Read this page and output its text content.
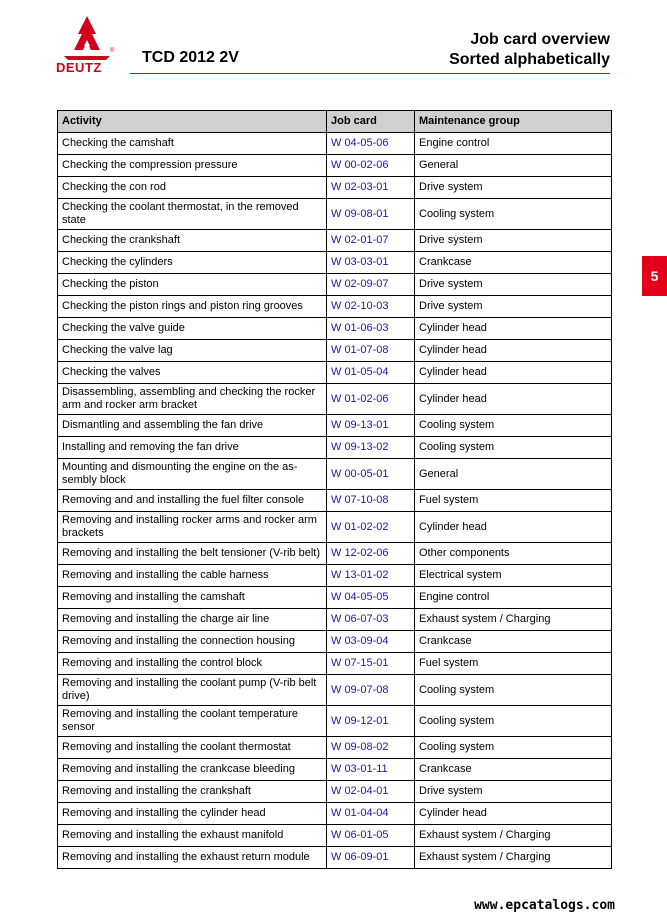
DEUTZ
® TCD 2012 2V
Job card overview
Sorted alphabetically
5
Activity	Job card	Maintenance group
Checking the camshaft	W 04-05-06	Engine control
Checking the compression pressure	W 00-02-06	General
Checking the con rod	W 02-03-01	Drive system
Checking the coolant thermostat, in the removed state	W 09-08-01	Cooling system
Checking the crankshaft	W 02-01-07	Drive system
Checking the cylinders	W 03-03-01	Crankcase
Checking the piston	W 02-09-07	Drive system
Checking the piston rings and piston ring grooves	W 02-10-03	Drive system
Checking the valve guide	W 01-06-03	Cylinder head
Checking the valve lag	W 01-07-08	Cylinder head
Checking the valves	W 01-05-04	Cylinder head
Disassembling, assembling and checking the rocker arm and rocker arm bracket	W 01-02-06	Cylinder head
Dismantling and assembling the fan drive	W 09-13-01	Cooling system
Installing and removing the fan drive	W 09-13-02	Cooling system
Mounting and dismounting the engine on the as-sembly block	W 00-05-01	General
Removing and and installing the fuel filter console	W 07-10-08	Fuel system
Removing and installing rocker arms and rocker arm brackets	W 01-02-02	Cylinder head
Removing and installing the belt tensioner (V-rib belt)	W 12-02-06	Other components
Removing and installing the cable harness	W 13-01-02	Electrical system
Removing and installing the camshaft	W 04-05-05	Engine control
Removing and installing the charge air line	W 06-07-03	Exhaust system / Charging
Removing and installing the connection housing	W 03-09-04	Crankcase
Removing and installing the control block	W 07-15-01	Fuel system
Removing and installing the coolant pump (V-rib belt drive)	W 09-07-08	Cooling system
Removing and installing the coolant temperature sensor	W 09-12-01	Cooling system
Removing and installing the coolant thermostat	W 09-08-02	Cooling system
Removing and installing the crankcase bleeding	W 03-01-11	Crankcase
Removing and installing the crankshaft	W 02-04-01	Drive system
Removing and installing the cylinder head	W 01-04-04	Cylinder head
Removing and installing the exhaust manifold	W 06-01-05	Exhaust system / Charging
Removing and installing the exhaust return module	W 06-09-01	Exhaust system / Charging
www.epcatalogs.com
